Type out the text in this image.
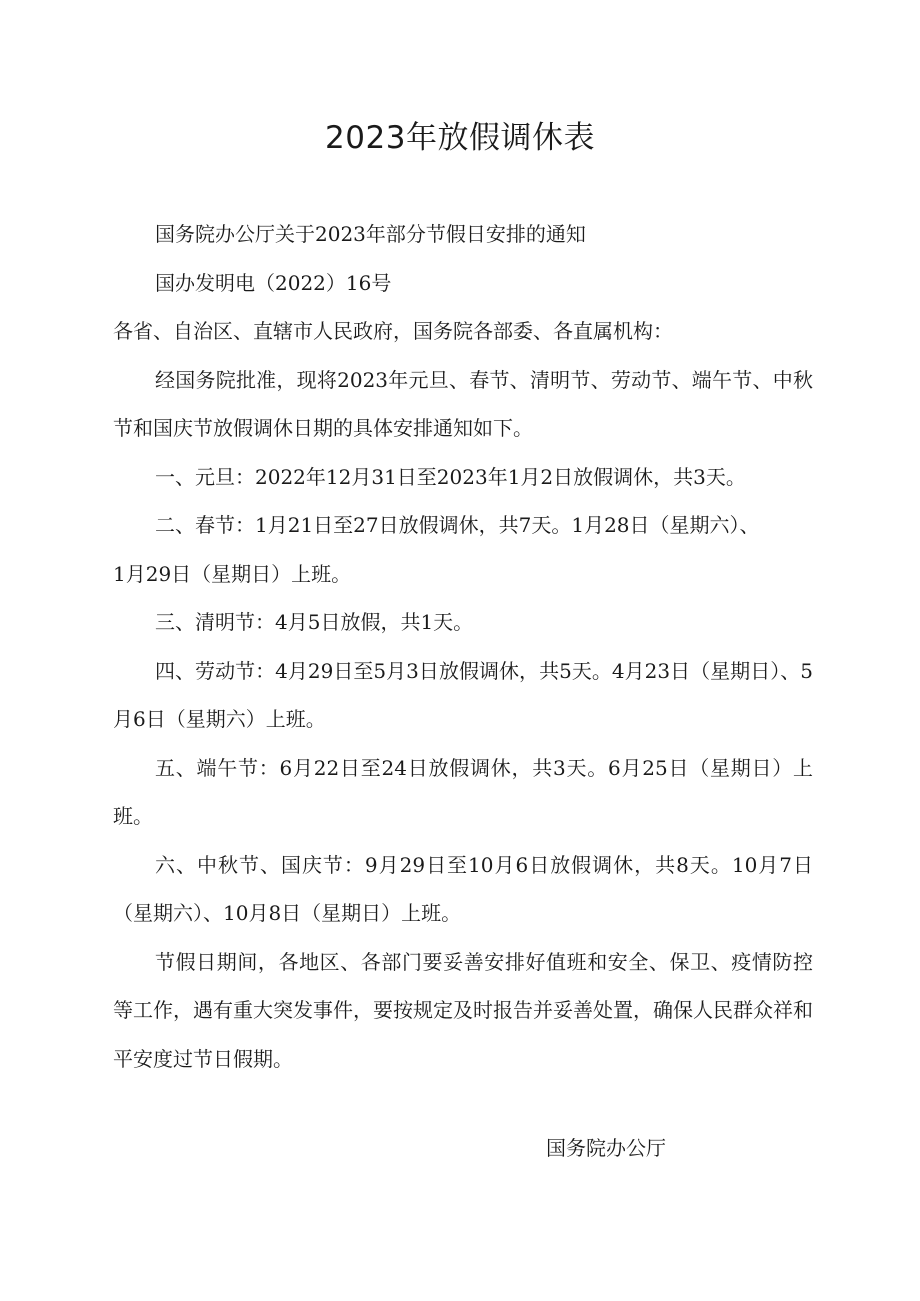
2023年放假调休表

国务院办公厅关于2023年部分节假日安排的通知

国办发明电（2022）16号

各省、自治区、直辖市人民政府，国务院各部委、各直属机构：

经国务院批准，现将2023年元旦、春节、清明节、劳动节、端午节、中秋节和国庆节放假调休日期的具体安排通知如下。

一、元旦：2022年12月31日至2023年1月2日放假调休，共3天。

二、春节：1月21日至27日放假调休，共7天。1月28日（星期六）、

1月29日（星期日）上班。

三、清明节：4月5日放假，共1天。

四、劳动节：4月29日至5月3日放假调休，共5天。4月23日（星期日）、5月6日（星期六）上班。

五、端午节：6月22日至24日放假调休，共3天。6月25日（星期日）上班。

六、中秋节、国庆节：9月29日至10月6日放假调休，共8天。10月7日（星期六）、10月8日（星期日）上班。

节假日期间，各地区、各部门要妥善安排好值班和安全、保卫、疫情防控等工作，遇有重大突发事件，要按规定及时报告并妥善处置，确保人民群众祥和平安度过节日假期。

国务院办公厅
